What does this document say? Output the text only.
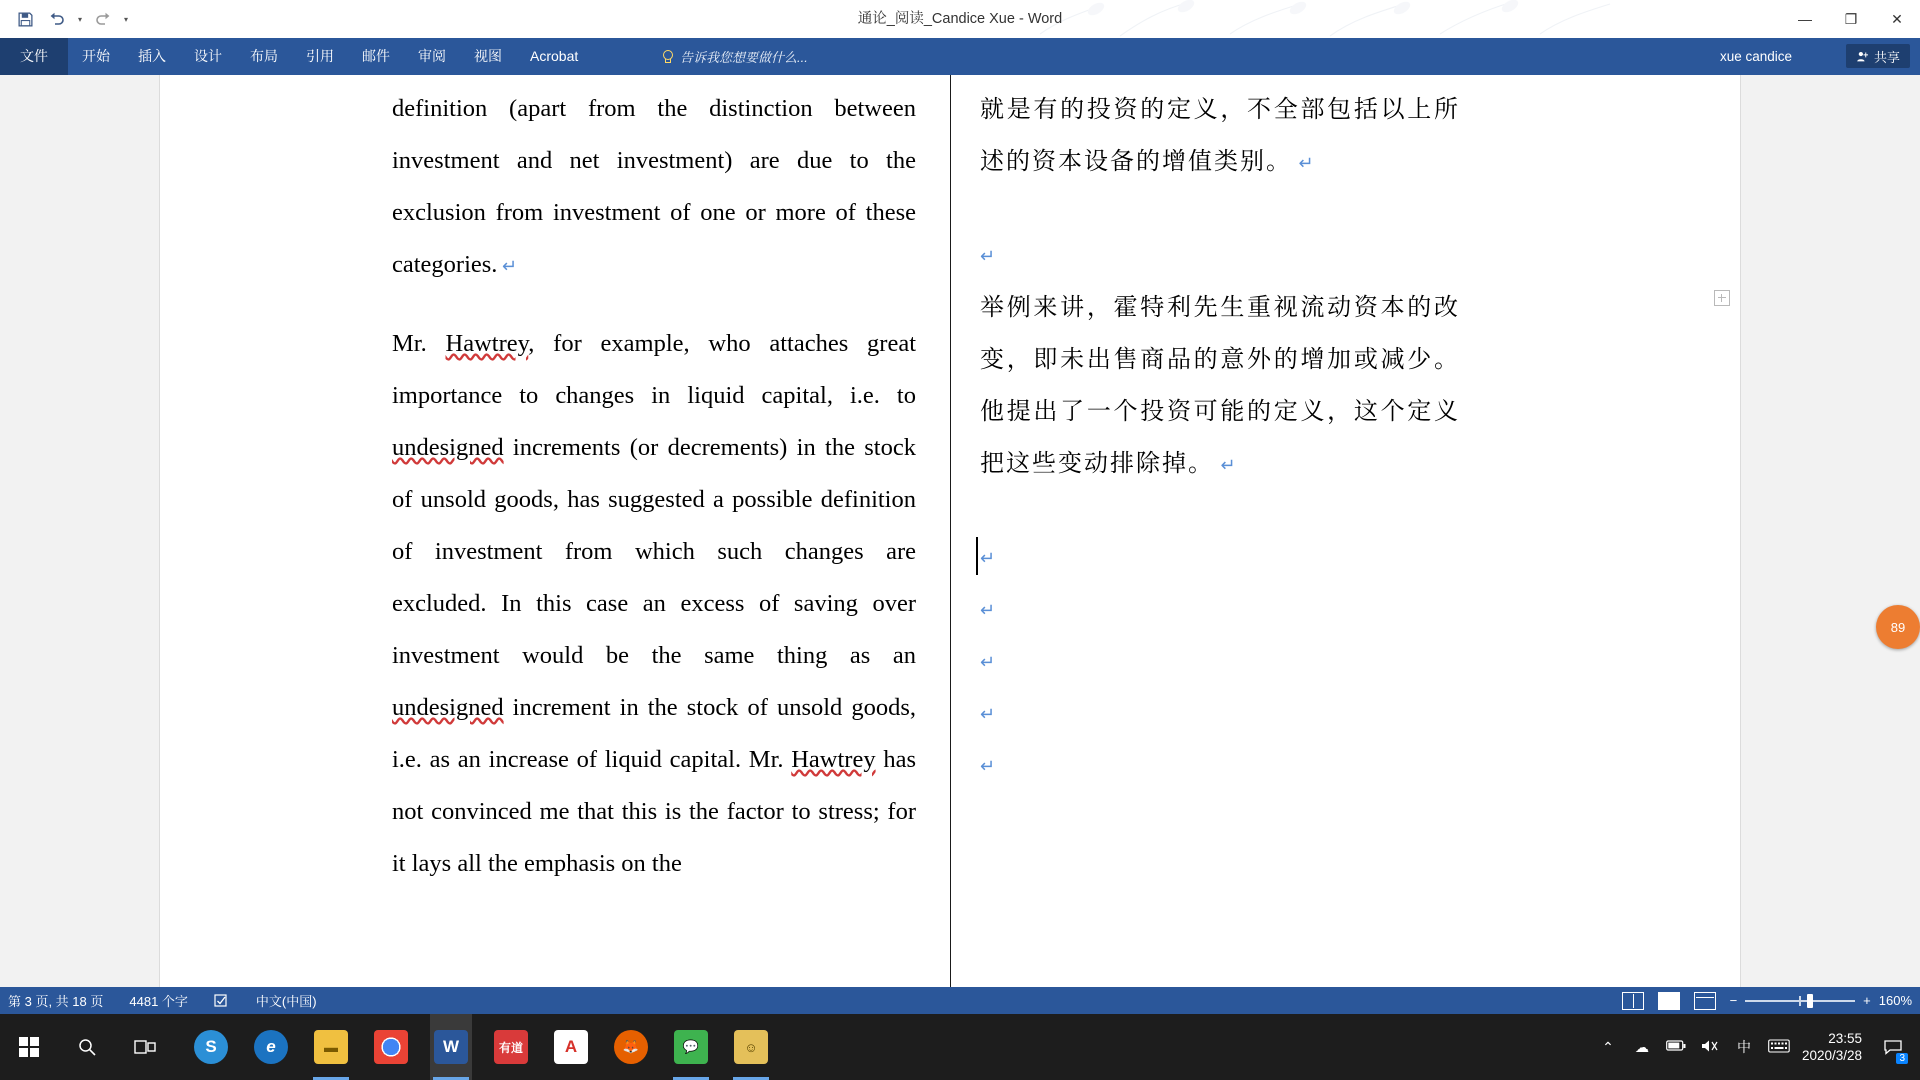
▾	▾	通论_阅读_Candice Xue - Word	—	❐	✕
文件	开始	插入	设计	布局	引用	邮件	审阅	视图	Acrobat	告诉我您想要做什么...	xue candice	共享

definition (apart from the distinction between investment and net investment) are due to the exclusion from investment of one or more of these categories. ↵

Mr. Hawtrey, for example, who attaches great importance to changes in liquid capital, i.e. to undesigned increments (or decrements) in the stock of unsold goods, has suggested a possible definition of investment from which such changes are excluded. In this case an excess of saving over investment would be the same thing as an undesigned increment in the stock of unsold goods, i.e. as an increase of liquid capital. Mr. Hawtrey has not convinced me that this is the factor to stress; for it lays all the emphasis on the

就是有的投资的定义，不全部包括以上所述的资本设备的增值类别。 ↵

↵

举例来讲，霍特利先生重视流动资本的改变，即未出售商品的意外的增加或减少。他提出了一个投资可能的定义，这个定义把这些变动排除掉。 ↵

↵
↵
↵
↵
↵
89
第 3 页, 共 18 页 4481 个字	中文(中国)	−	+ 160%
S	e	▬	W	有道	A	🦊	💬	☺	⌃ ☁	中
23:55
2020/3/28	3
